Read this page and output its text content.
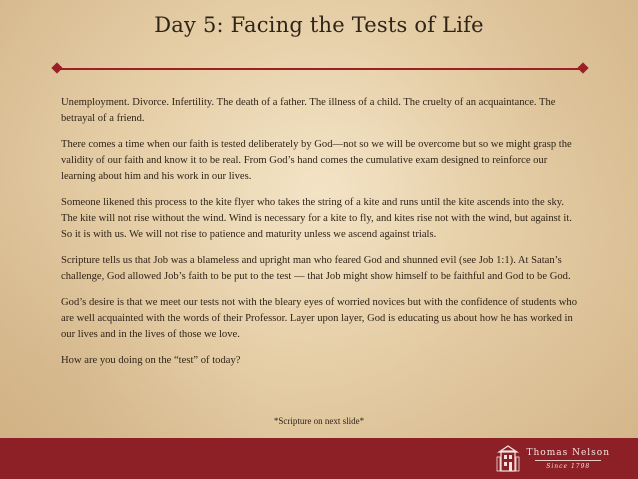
Day 5: Facing the Tests of Life

Unemployment. Divorce. Infertility. The death of a father. The illness of a child. The cruelty of an acquaintance. The betrayal of a friend.

There comes a time when our faith is tested deliberately by God—not so we will be overcome but so we might grasp the validity of our faith and know it to be real. From God’s hand comes the cumulative exam designed to reinforce our learning about him and his work in our lives.

Someone likened this process to the kite flyer who takes the string of a kite and runs until the kite ascends into the sky. The kite will not rise without the wind. Wind is necessary for a kite to fly, and kites rise not with the wind, but against it. So it is with us. We will not rise to patience and maturity unless we ascend against trials.

Scripture tells us that Job was a blameless and upright man who feared God and shunned evil (see Job 1:1). At Satan’s challenge, God allowed Job’s faith to be put to the test — that Job might show himself to be faithful and God to be God.

God’s desire is that we meet our tests not with the bleary eyes of worried novices but with the confidence of students who are well acquainted with the words of their Professor. Layer upon layer, God is educating us about how he has worked in our lives and in the lives of those we love.

How are you doing on the “test” of today?

*Scripture on next slide*
Thomas Nelson
Since 1798
